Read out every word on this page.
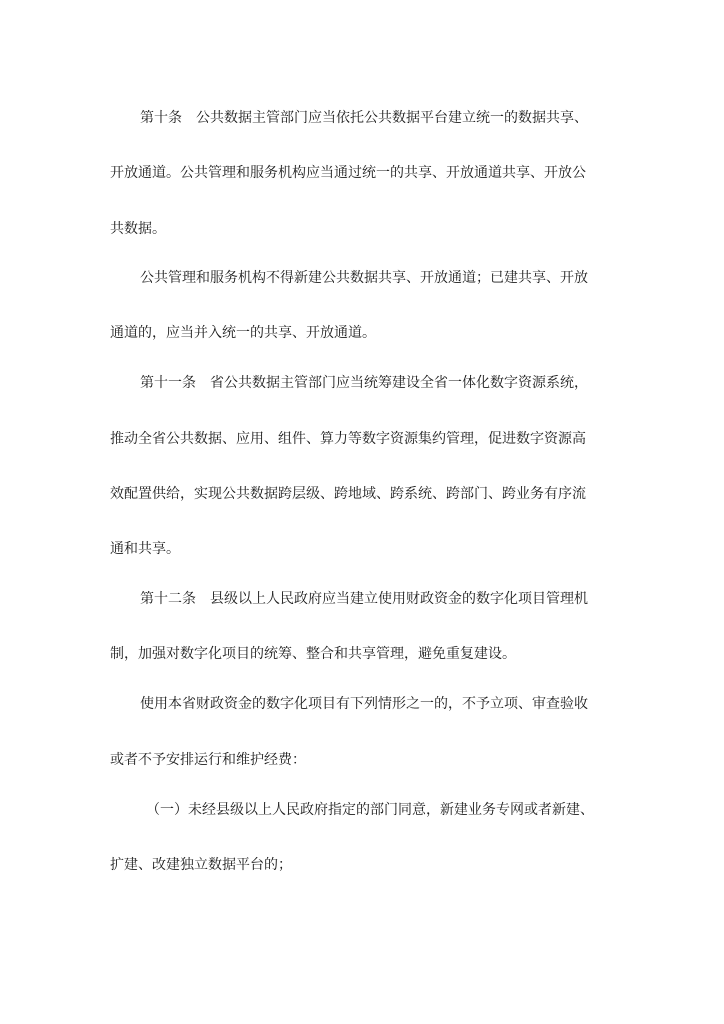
第十条 公共数据主管部门应当依托公共数据平台建立统一的数据共享、
开放通道。公共管理和服务机构应当通过统一的共享、开放通道共享、开放公
共数据。
公共管理和服务机构不得新建公共数据共享、开放通道；已建共享、开放
通道的，应当并入统一的共享、开放通道。
第十一条 省公共数据主管部门应当统筹建设全省一体化数字资源系统，
推动全省公共数据、应用、组件、算力等数字资源集约管理，促进数字资源高
效配置供给，实现公共数据跨层级、跨地域、跨系统、跨部门、跨业务有序流
通和共享。
第十二条 县级以上人民政府应当建立使用财政资金的数字化项目管理机
制，加强对数字化项目的统筹、整合和共享管理，避免重复建设。
使用本省财政资金的数字化项目有下列情形之一的，不予立项、审查验收
或者不予安排运行和维护经费：
（一）未经县级以上人民政府指定的部门同意，新建业务专网或者新建、
扩建、改建独立数据平台的；
